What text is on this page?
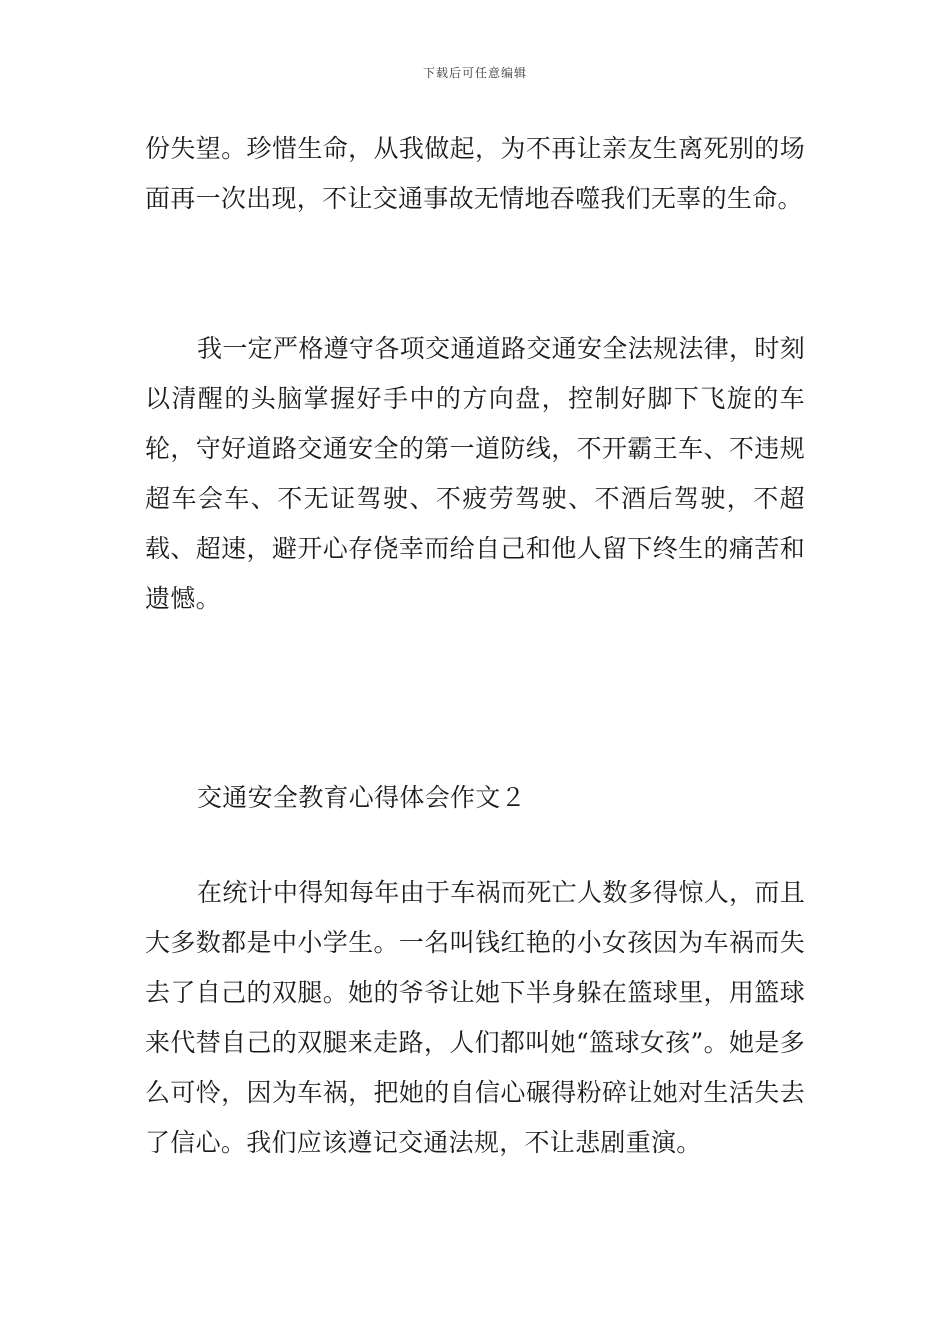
下载后可任意编辑

份失望。珍惜生命，从我做起，为不再让亲友生离死别的场面再一次出现，不让交通事故无情地吞噬我们无辜的生命。

我一定严格遵守各项交通道路交通安全法规法律，时刻以清醒的头脑掌握好手中的方向盘，控制好脚下飞旋的车轮，守好道路交通安全的第一道防线，不开霸王车、不违规超车会车、不无证驾驶、不疲劳驾驶、不酒后驾驶，不超载、超速，避开心存侥幸而给自己和他人留下终生的痛苦和遗憾。

交通安全教育心得体会作文２

在统计中得知每年由于车祸而死亡人数多得惊人，而且大多数都是中小学生。一名叫钱红艳的小女孩因为车祸而失去了自己的双腿。她的爷爷让她下半身躲在篮球里，用篮球来代替自己的双腿来走路，人们都叫她“篮球女孩”。她是多么可怜，因为车祸，把她的自信心碾得粉碎让她对生活失去了信心。我们应该遵记交通法规，不让悲剧重演。
